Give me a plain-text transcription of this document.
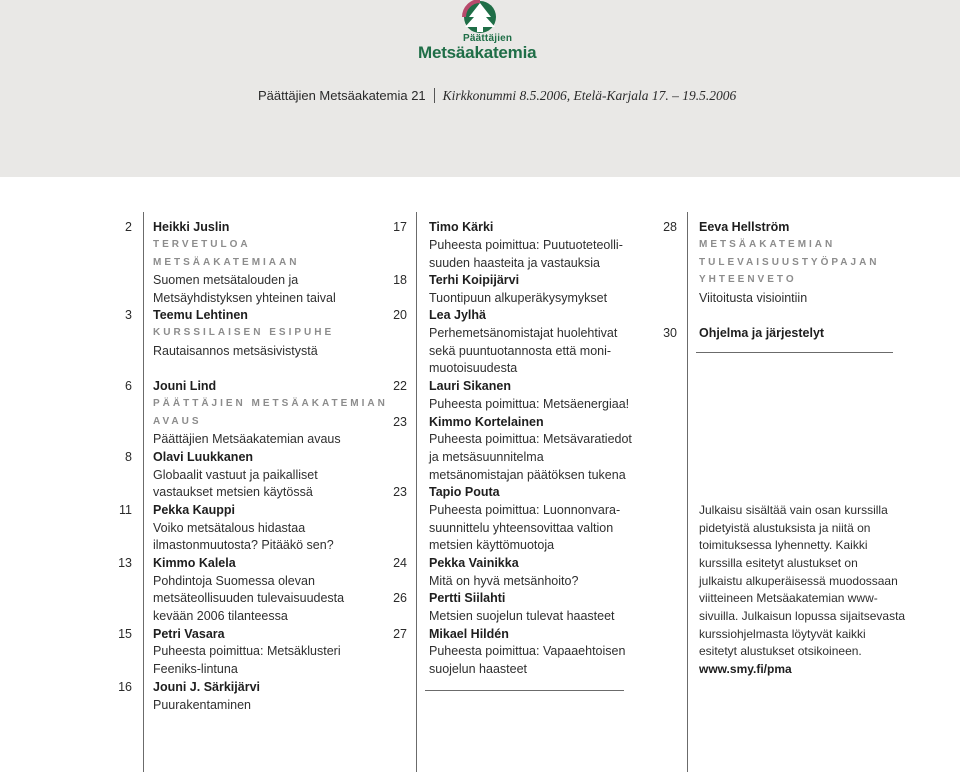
Päättäjien
Metsäakatemia
Päättäjien Metsäakatemia 21 Kirkkonummi 8.5.2006, Etelä-Karjala 17. – 19.5.2006
2
3
6
8
11
13
15
16
Heikki Juslin
TERVETULOA
METSÄAKATEMIAAN
Suomen metsätalouden ja
Metsäyhdistyksen yhteinen taival
Teemu Lehtinen
KURSSILAISEN ESIPUHE
Rautaisannos metsäsivistystä
Jouni Lind
PÄÄTTÄJIEN METSÄAKATEMIAN
AVAUS
Päättäjien Metsäakatemian avaus
Olavi Luukkanen
Globaalit vastuut ja paikalliset
vastaukset metsien käytössä
Pekka Kauppi
Voiko metsätalous hidastaa
ilmastonmuutosta? Pitääkö sen?
Kimmo Kalela
Pohdintoja Suomessa olevan
metsäteollisuuden tulevaisuudesta
kevään 2006 tilanteessa
Petri Vasara
Puheesta poimittua: Metsäklusteri
Feeniks-lintuna
Jouni J. Särkijärvi
Puurakentaminen
17
18
20
22
23
23
24
26
27
Timo Kärki
Puheesta poimittua: Puutuoteteolli-
suuden haasteita ja vastauksia
Terhi Koipijärvi
Tuontipuun alkuperäkysymykset
Lea Jylhä
Perhemetsänomistajat huolehtivat
sekä puuntuotannosta että moni-
muotoisuudesta
Lauri Sikanen
Puheesta poimittua: Metsäenergiaa!
Kimmo Kortelainen
Puheesta poimittua: Metsävaratiedot
ja metsäsuunnitelma
metsänomistajan päätöksen tukena
Tapio Pouta
Puheesta poimittua: Luonnonvara-
suunnittelu yhteensovittaa valtion
metsien käyttömuotoja
Pekka Vainikka
Mitä on hyvä metsänhoito?
Pertti Siilahti
Metsien suojelun tulevat haasteet
Mikael Hildén
Puheesta poimittua: Vapaaehtoisen
suojelun haasteet
28
30
Eeva Hellström
METSÄAKATEMIAN
TULEVAISUUSTYÖPAJAN
YHTEENVETO
Viitoitusta visiointiin
Ohjelma ja järjestelyt
Julkaisu sisältää vain osan kurssilla
pidetyistä alustuksista ja niitä on
toimituksessa lyhennetty. Kaikki
kurssilla esitetyt alustukset on
julkaistu alkuperäisessä muodossaan
viitteineen Metsäakatemian www-
sivuilla. Julkaisun lopussa sijaitsevasta
kurssiohjelmasta löytyvät kaikki
esitetyt alustukset otsikoineen.
www.smy.fi/pma
